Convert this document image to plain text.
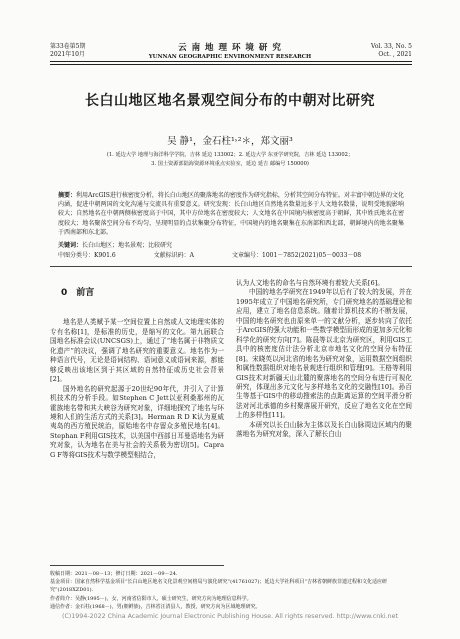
第33卷第5期
2021年10月
云 南 地 理 环 境 研 究
YUNNAN GEOGRAPHIC ENVIRONMENT RESEARCH
Vol. 33, No. 5
Oct. , 2021
长白山地区地名景观空间分布的中朝对比研究
吴 静¹，金石柱¹˒²＊，郑文丽³
(1. 延边大学 地理与海洋科学学院，吉林 延边 133002；2. 延边大学 东亚学研究院，吉林 延边 133002；
3. 国土资源部陆海资源环境重点实验室，延边 延吉 邮编号 150000)
摘要：利用ArcGIS进行核密度分析，将长白山地区的聚落地名的密度作为研究指标，分析其空间分布特征。对丰富中朝边界的文化内涵，促进中朝两国的文化沟通与交流具有重要意义。研究发现：长白山地区自然地名数量远多于人文地名数量，说明受地貌影响较大；自然地名在中朝两侧核密度高于中国，其中方位地名在密度较大；人文地名在中国境内核密度高于朝鲜，其中姓氏地名在密度较大；地名聚落空间分布不均匀，呈现明显的点状集聚分布特征，中国境内的地名聚集在东南部和西北部，朝鲜境内的地名聚集于西南部和东北部。
关键词：长白山地区；地名景观；比较研究
中图分类号：K901.6	文献标识码：A	文章编号：1001－7852(2021)05－0033－08
0　前言

地名是人类赋予某一空间位置上自然或人文地理实体的专有名称[1]，是标准的历史，是缩写的文化。第九届联合国地名标准会议(UNCSGS)上，通过了“地名属于非物质文化遗产”的决议，强调了地名研究的重要意义。地名作为一种语言代号，无论是语词结构、语词意义或语词来源，都能够反映出该地区到于其区域的自然特征或历史社会背景[2]。

国外地名的研究起源于20世纪90年代，并引入了计算机技术的分析手段。如Stephen C Jett以亚利桑那州的瓦霍族地名带和其大峡谷为研究对象，详细地探究了地名与环境和人们的生活方式的关系[3]。Herman R D K认为夏威夷岛的西方殖民统治，原始地名中存留众多殖民地名[4]。Stephan F利用GIS技术，以美国中西部日耳曼语地名为研究对象，认为地名在美与社会的关系极为密切[5]。Capra G F等将GIS技术与数学模型相结合，

认为人文地名的命名与自然环境有着较大关系[6]。

中国的地名学研究在1949年以后有了较大的发展，并在1995年成立了中国地名研究所，专门研究地名的基础理论和应用，建立了地名信息系统。随着计算机技术的不断发展，中国的地名研究也由原来单一的文献分析，逐步转向了依托于ArcGIS的强大功能和一些数学模型而形成的更加多元化和科学化的研究方向[7]。陈晨等以北京为研究区，利用GIS工具中的核密度估计法分析北京市地名文化的空间分布特征[8]。宋晓英以河北省的地名为研究对象，运用数据空间组织和属性数据组织对地名景观进行组织和管理[9]。王格等利用GIS技术对新疆天山北麓的聚落地名的空间分布进行可视化研究，体现出多元文化与多样地名文化的交融性[10]。孙百生等基于GIS中的移动搜索法的点距离运算的空间平滑分析法对河北承德的乡村聚落展开研究，反应了地名文化在空间上的多样性[11]。

本研究以长白山脉为主体以及长白山脉周边区域内的聚落地名为研究对象，深入了解长白山

收稿日期：2021－08－13；修订日期：2021－09－24.
基金项目：国家自然科学基金项目“长白山地区地名文化景观空间格局与演化研究”(41761027)；延边大学社科项目“吉林省朝鲜族非遗过程和文化适应研究”(2018XZD01).
作者简介：吴静(1995－)，女，河南省信阳市人，硕士研究生，研究方向为地理信息科学。
通信作者：金石柱(1968－)，男(朝鲜族)，吉林省汪清县人，教授，研究方向为区域地理研究。
(C)1994-2022 China Academic Journal Electronic Publishing House. All rights reserved. http://www.cnki.net
